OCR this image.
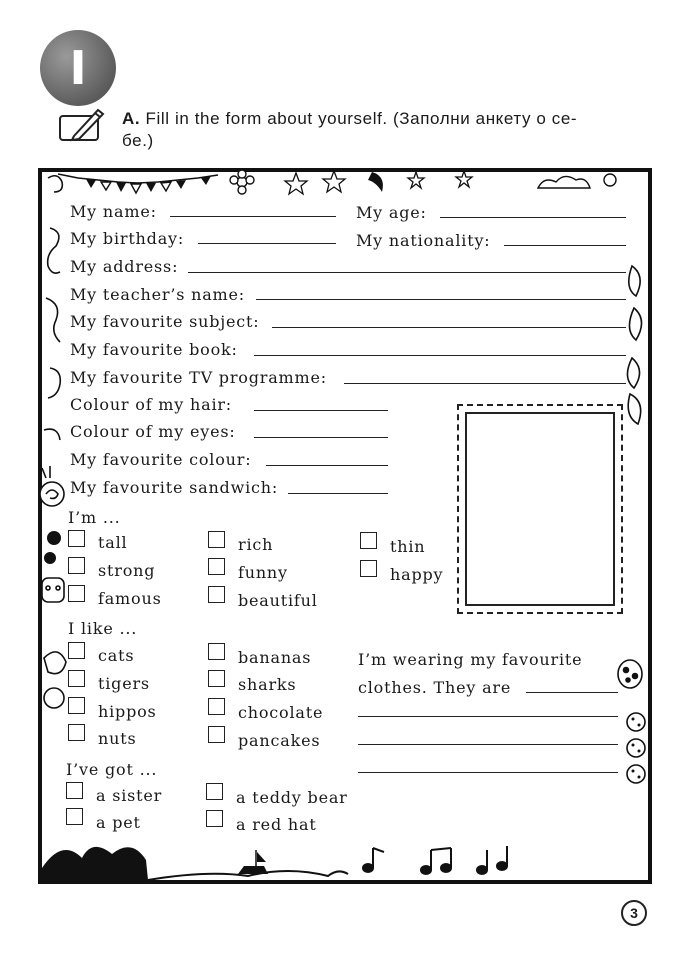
I
A. Fill in the form about yourself. (Заполни анкету о се-
бе.)
My name:	My age:
My birthday:	My nationality:
My address:
My teacher’s name:
My favourite subject:
My favourite book:
My favourite TV programme:
Colour of my hair:
Colour of my eyes:
My favourite colour:
My favourite sandwich:
I’m ...
tall
strong
famous
rich
funny
beautiful
thin
happy
I like ...
cats
tigers
hippos
nuts
bananas
sharks
chocolate
pancakes
I’m wearing my favourite
clothes. They are
I’ve got ...
a sister
a pet
a teddy bear
a red hat
3
